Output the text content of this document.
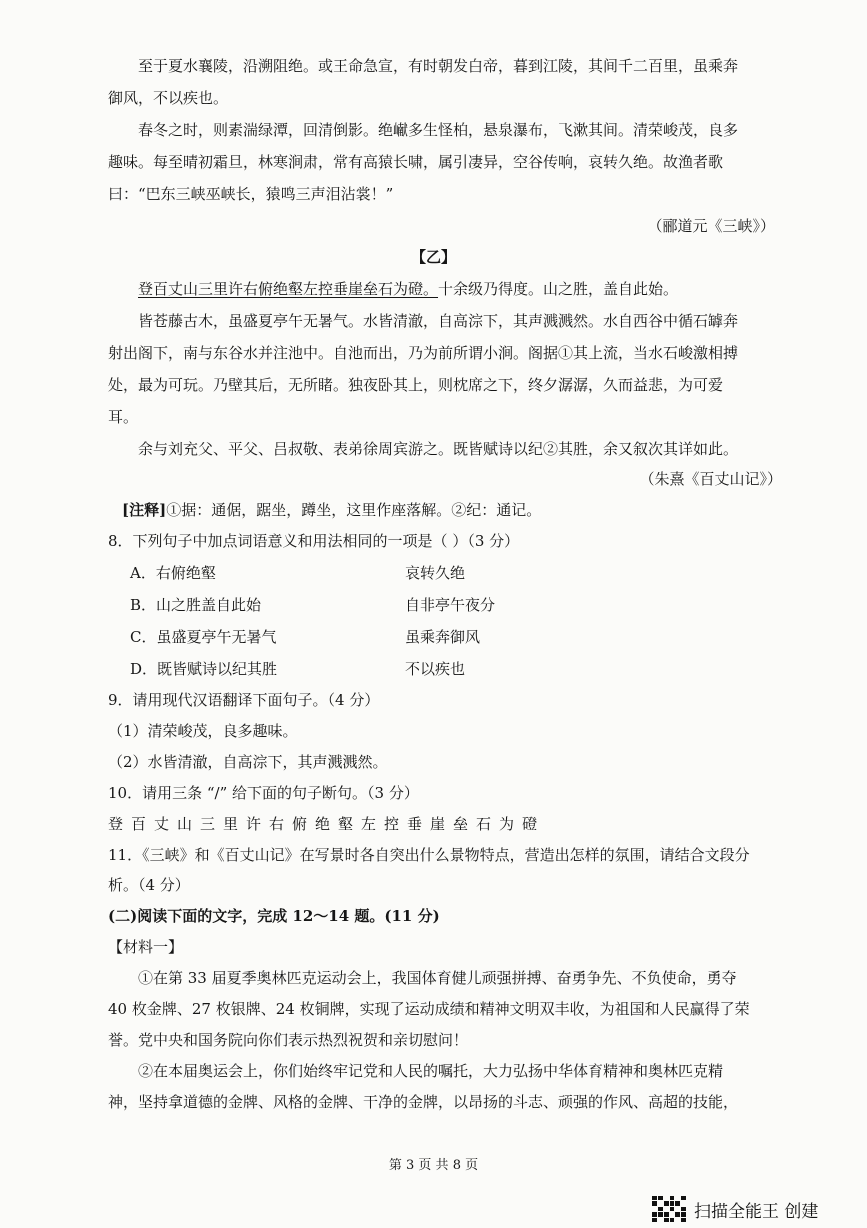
至于夏水襄陵，沿溯阻绝。或王命急宣，有时朝发白帝，暮到江陵，其间千二百里，虽乘奔
御风，不以疾也。
春冬之时，则素湍绿潭，回清倒影。绝𪩘多生怪柏，悬泉瀑布，飞漱其间。清荣峻茂，良多
趣味。每至晴初霜旦，林寒涧肃，常有高猿长啸，属引凄异，空谷传响，哀转久绝。故渔者歌
曰：“巴东三峡巫峡长，猿鸣三声泪沾裳！”
（郦道元《三峡》）
【乙】
登百丈山三里许右俯绝壑左控垂崖垒石为磴。十余级乃得度。山之胜，盖自此始。
皆苍藤古木，虽盛夏亭午无暑气。水皆清澈，自高淙下，其声溅溅然。水自西谷中循石罅奔
射出阁下，南与东谷水并注池中。自池而出，乃为前所谓小涧。阁据①其上流，当水石峻激相搏
处，最为可玩。乃壁其后，无所睹。独夜卧其上，则枕席之下，终夕潺潺，久而益悲，为可爱
耳。
余与刘充父、平父、吕叔敬、表弟徐周宾游之。既皆赋诗以纪②其胜，余又叙次其详如此。
（朱熹《百丈山记》）
[注释]①据：通倨，踞坐，蹲坐，这里作座落解。②纪：通记。
8．下列句子中加点词语意义和用法相同的一项是（ ）（3 分）
A．右俯绝壑	哀转久绝
B．山之胜盖自此始	自非亭午夜分
C．虽盛夏亭午无暑气	虽乘奔御风
D．既皆赋诗以纪其胜	不以疾也
9．请用现代汉语翻译下面句子。（4 分）
（1）清荣峻茂，良多趣味。
（2）水皆清澈，自高淙下，其声溅溅然。
10．请用三条 “/” 给下面的句子断句。（3 分）
登百丈山三里许右俯绝壑左控垂崖垒石为磴
11．《三峡》和《百丈山记》在写景时各自突出什么景物特点，营造出怎样的氛围，请结合文段分
析。（4 分）
(二)阅读下面的文字，完成 12～14 题。(11 分)
【材料一】
①在第 33 届夏季奥林匹克运动会上，我国体育健儿顽强拼搏、奋勇争先、不负使命，勇夺
40 枚金牌、27 枚银牌、24 枚铜牌，实现了运动成绩和精神文明双丰收，为祖国和人民赢得了荣
誉。党中央和国务院向你们表示热烈祝贺和亲切慰问！
②在本届奥运会上，你们始终牢记党和人民的嘱托，大力弘扬中华体育精神和奥林匹克精
神，坚持拿道德的金牌、风格的金牌、干净的金牌，以昂扬的斗志、顽强的作风、高超的技能，
第 3 页 共 8 页
扫描全能王 创建
